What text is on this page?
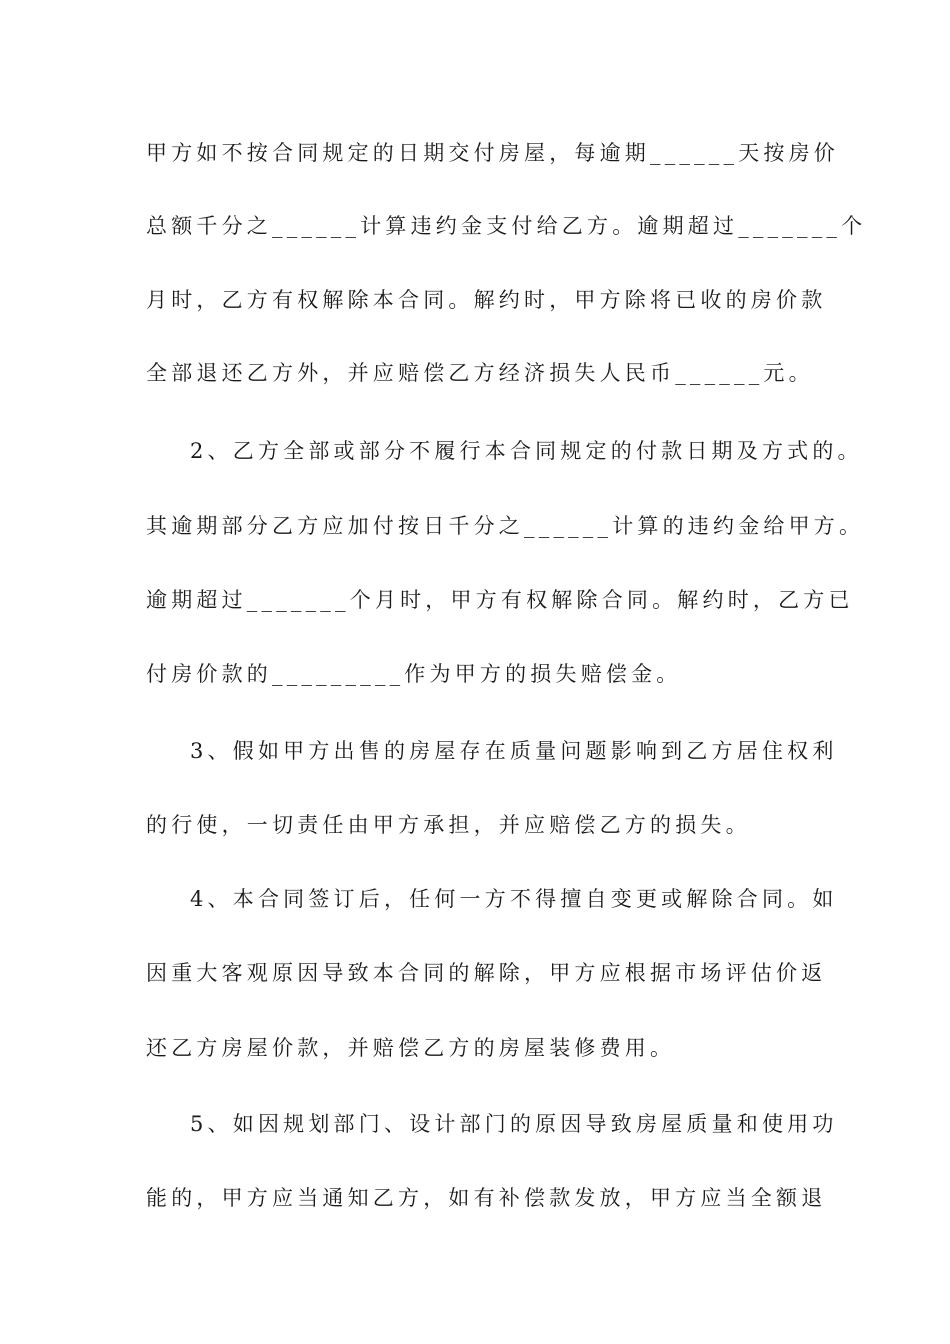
甲方如不按合同规定的日期交付房屋，每逾期______天按房价
总额千分之______计算违约金支付给乙方。逾期超过_______个
月时，乙方有权解除本合同。解约时，甲方除将已收的房价款
全部退还乙方外，并应赔偿乙方经济损失人民币______元。
2、乙方全部或部分不履行本合同规定的付款日期及方式的。
其逾期部分乙方应加付按日千分之______计算的违约金给甲方。
逾期超过_______个月时，甲方有权解除合同。解约时，乙方已
付房价款的_________作为甲方的损失赔偿金。
3、假如甲方出售的房屋存在质量问题影响到乙方居住权利
的行使，一切责任由甲方承担，并应赔偿乙方的损失。
4、本合同签订后，任何一方不得擅自变更或解除合同。如
因重大客观原因导致本合同的解除，甲方应根据市场评估价返
还乙方房屋价款，并赔偿乙方的房屋装修费用。
5、如因规划部门、设计部门的原因导致房屋质量和使用功
能的，甲方应当通知乙方，如有补偿款发放，甲方应当全额退
